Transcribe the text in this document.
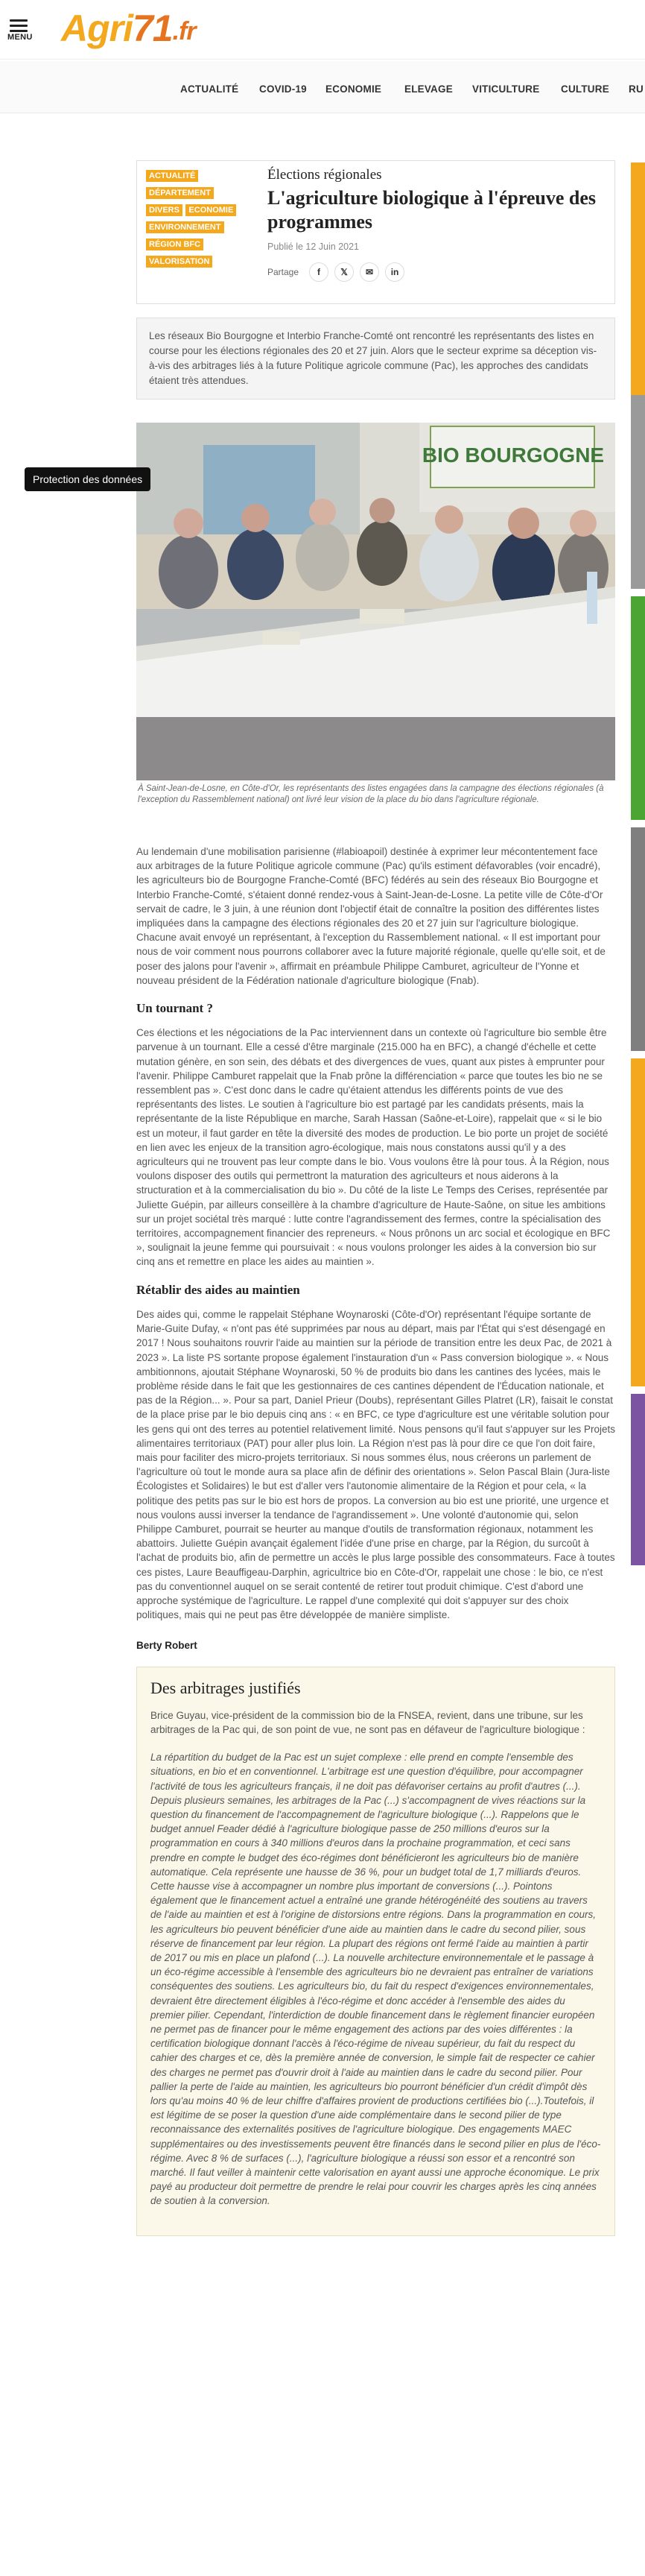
MENU Agri 71 .fr
ACTUALITÉ COVID-19 ECONOMIE ELEVAGE VITICULTURE CULTURE RU
ACTUALITÉ
DÉPARTEMENT
DIVERS ECONOMIE
ENVIRONNEMENT
RÉGION BFC
VALORISATION
Élections régionales
L'agriculture biologique à l'épreuve des programmes
Publié le 12 Juin 2021
Partage	f	𝕏	✉	in
Les réseaux Bio Bourgogne et Interbio Franche-Comté ont rencontré les représentants des listes en course pour les élections régionales des 20 et 27 juin. Alors que le secteur exprime sa déception vis-à-vis des arbitrages liés à la future Politique agricole commune (Pac), les approches des candidats étaient très attendues.
BIO BOURGOGNE
À Saint-Jean-de-Losne, en Côte-d'Or, les représentants des listes engagées dans la campagne des élections régionales (à l'exception du Rassemblement national) ont livré leur vision de la place du bio dans l'agriculture régionale.

Au lendemain d'une mobilisation parisienne (#labioapoil) destinée à exprimer leur mécontentement face aux arbitrages de la future Politique agricole commune (Pac) qu'ils estiment défavorables (voir encadré), les agriculteurs bio de Bourgogne Franche-Comté (BFC) fédérés au sein des réseaux Bio Bourgogne et Interbio Franche-Comté, s'étaient donné rendez-vous à Saint-Jean-de-Losne. La petite ville de Côte-d'Or servait de cadre, le 3 juin, à une réunion dont l'objectif était de connaître la position des différentes listes impliquées dans la campagne des élections régionales des 20 et 27 juin sur l'agriculture biologique. Chacune avait envoyé un représentant, à l'exception du Rassemblement national. « Il est important pour nous de voir comment nous pourrons collaborer avec la future majorité régionale, quelle qu'elle soit, et de poser des jalons pour l'avenir », affirmait en préambule Philippe Camburet, agriculteur de l'Yonne et nouveau président de la Fédération nationale d'agriculture biologique (Fnab).

Un tournant ?

Ces élections et les négociations de la Pac interviennent dans un contexte où l'agriculture bio semble être parvenue à un tournant. Elle a cessé d'être marginale (215.000 ha en BFC), a changé d'échelle et cette mutation génère, en son sein, des débats et des divergences de vues, quant aux pistes à emprunter pour l'avenir. Philippe Camburet rappelait que la Fnab prône la différenciation « parce que toutes les bio ne se ressemblent pas ». C'est donc dans le cadre qu'étaient attendus les différents points de vue des représentants des listes. Le soutien à l'agriculture bio est partagé par les candidats présents, mais la représentante de la liste République en marche, Sarah Hassan (Saône-et-Loire), rappelait que « si le bio est un moteur, il faut garder en tête la diversité des modes de production. Le bio porte un projet de société en lien avec les enjeux de la transition agro-écologique, mais nous constatons aussi qu'il y a des agriculteurs qui ne trouvent pas leur compte dans le bio. Vous voulons être là pour tous. À la Région, nous voulons disposer des outils qui permettront la maturation des agriculteurs et nous aiderons à la structuration et à la commercialisation du bio ». Du côté de la liste Le Temps des Cerises, représentée par Juliette Guépin, par ailleurs conseillère à la chambre d'agriculture de Haute-Saône, on situe les ambitions sur un projet sociétal très marqué : lutte contre l'agrandissement des fermes, contre la spécialisation des territoires, accompagnement financier des repreneurs. « Nous prônons un arc social et écologique en BFC », soulignait la jeune femme qui poursuivait : « nous voulons prolonger les aides à la conversion bio sur cinq ans et remettre en place les aides au maintien ».

Rétablir des aides au maintien

Des aides qui, comme le rappelait Stéphane Woynaroski (Côte-d'Or) représentant l'équipe sortante de Marie-Guite Dufay, « n'ont pas été supprimées par nous au départ, mais par l'État qui s'est désengagé en 2017 ! Nous souhaitons rouvrir l'aide au maintien sur la période de transition entre les deux Pac, de 2021 à 2023 ». La liste PS sortante propose également l'instauration d'un « Pass conversion biologique ». « Nous ambitionnons, ajoutait Stéphane Woynaroski, 50 % de produits bio dans les cantines des lycées, mais le problème réside dans le fait que les gestionnaires de ces cantines dépendent de l'Éducation nationale, et pas de la Région... ». Pour sa part, Daniel Prieur (Doubs), représentant Gilles Platret (LR), faisait le constat de la place prise par le bio depuis cinq ans : « en BFC, ce type d'agriculture est une véritable solution pour les gens qui ont des terres au potentiel relativement limité. Nous pensons qu'il faut s'appuyer sur les Projets alimentaires territoriaux (PAT) pour aller plus loin. La Région n'est pas là pour dire ce que l'on doit faire, mais pour faciliter des micro-projets territoriaux. Si nous sommes élus, nous créerons un parlement de l'agriculture où tout le monde aura sa place afin de définir des orientations ». Selon Pascal Blain (Jura-liste Écologistes et Solidaires) le but est d'aller vers l'autonomie alimentaire de la Région et pour cela, « la politique des petits pas sur le bio est hors de propos. La conversion au bio est une priorité, une urgence et nous voulons aussi inverser la tendance de l'agrandissement ». Une volonté d'autonomie qui, selon Philippe Camburet, pourrait se heurter au manque d'outils de transformation régionaux, notamment les abattoirs. Juliette Guépin avançait également l'idée d'une prise en charge, par la Région, du surcoût à l'achat de produits bio, afin de permettre un accès le plus large possible des consommateurs. Face à toutes ces pistes, Laure Beauffigeau-Darphin, agricultrice bio en Côte-d'Or, rappelait une chose : le bio, ce n'est pas du conventionnel auquel on se serait contenté de retirer tout produit chimique. C'est d'abord une approche systémique de l'agriculture. Le rappel d'une complexité qui doit s'appuyer sur des choix politiques, mais qui ne peut pas être développée de manière simpliste.

Berty Robert
Des arbitrages justifiés

Brice Guyau, vice-président de la commission bio de la FNSEA, revient, dans une tribune, sur les arbitrages de la Pac qui, de son point de vue, ne sont pas en défaveur de l'agriculture biologique :

La répartition du budget de la Pac est un sujet complexe : elle prend en compte l'ensemble des situations, en bio et en conventionnel. L'arbitrage est une question d'équilibre, pour accompagner l'activité de tous les agriculteurs français, il ne doit pas défavoriser certains au profit d'autres (...). Depuis plusieurs semaines, les arbitrages de la Pac (...) s'accompagnent de vives réactions sur la question du financement de l'accompagnement de l'agriculture biologique (...). Rappelons que le budget annuel Feader dédié à l'agriculture biologique passe de 250 millions d'euros sur la programmation en cours à 340 millions d'euros dans la prochaine programmation, et ceci sans prendre en compte le budget des éco-régimes dont bénéficieront les agriculteurs bio de manière automatique. Cela représente une hausse de 36 %, pour un budget total de 1,7 milliards d'euros. Cette hausse vise à accompagner un nombre plus important de conversions (...). Pointons également que le financement actuel a entraîné une grande hétérogénéité des soutiens au travers de l'aide au maintien et est à l'origine de distorsions entre régions. Dans la programmation en cours, les agriculteurs bio peuvent bénéficier d'une aide au maintien dans le cadre du second pilier, sous réserve de financement par leur région. La plupart des régions ont fermé l'aide au maintien à partir de 2017 ou mis en place un plafond (...). La nouvelle architecture environnementale et le passage à un éco-régime accessible à l'ensemble des agriculteurs bio ne devraient pas entraîner de variations conséquentes des soutiens. Les agriculteurs bio, du fait du respect d'exigences environnementales, devraient être directement éligibles à l'éco-régime et donc accéder à l'ensemble des aides du premier pilier. Cependant, l'interdiction de double financement dans le règlement financier européen ne permet pas de financer pour le même engagement des actions par des voies différentes : la certification biologique donnant l'accès à l'éco-régime de niveau supérieur, du fait du respect du cahier des charges et ce, dès la première année de conversion, le simple fait de respecter ce cahier des charges ne permet pas d'ouvrir droit à l'aide au maintien dans le cadre du second pilier. Pour pallier la perte de l'aide au maintien, les agriculteurs bio pourront bénéficier d'un crédit d'impôt dès lors qu'au moins 40 % de leur chiffre d'affaires provient de productions certifiées bio (...).Toutefois, il est légitime de se poser la question d'une aide complémentaire dans le second pilier de type reconnaissance des externalités positives de l'agriculture biologique. Des engagements MAEC supplémentaires ou des investissements peuvent être financés dans le second pilier en plus de l'éco-régime. Avec 8 % de surfaces (...), l'agriculture biologique a réussi son essor et a rencontré son marché. Il faut veiller à maintenir cette valorisation en ayant aussi une approche économique. Le prix payé au producteur doit permettre de prendre le relai pour couvrir les charges après les cinq années de soutien à la conversion.

Protection des données
